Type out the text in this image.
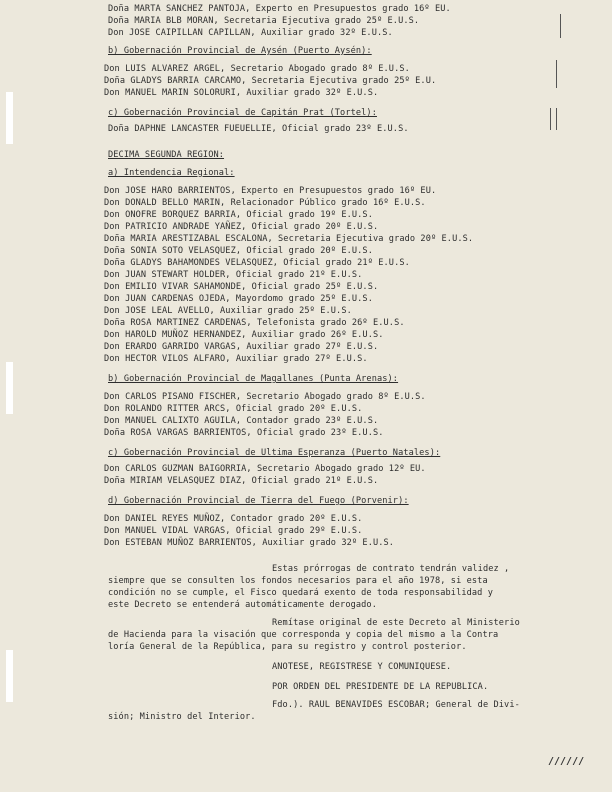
Doña MARTA SANCHEZ PANTOJA, Experto en Presupuestos grado 16º EU.
Doña MARIA BLB MORAN, Secretaria Ejecutiva grado 25º E.U.S.
Don JOSE CAIPILLAN CAPILLAN, Auxiliar grado 32º E.U.S.
b) Gobernación Provincial de Aysén (Puerto Aysén):
Don LUIS ALVAREZ ARGEL, Secretario Abogado grado 8º E.U.S.
Doña GLADYS BARRIA CARCAMO, Secretaria Ejecutiva grado 25º E.U.
Don MANUEL MARIN SOLORURI, Auxiliar grado 32º E.U.S.
c) Gobernación Provincial de Capitán Prat (Tortel):
Doña DAPHNE LANCASTER FUEUELLIE, Oficial grado 23º E.U.S.
DECIMA SEGUNDA REGION:
a) Intendencia Regional:
Don JOSE HARO BARRIENTOS, Experto en Presupuestos grado 16º EU.
Don DONALD BELLO MARIN, Relacionador Público grado 16º E.U.S.
Don ONOFRE BORQUEZ BARRIA, Oficial grado 19º E.U.S.
Don PATRICIO ANDRADE YAÑEZ, Oficial grado 20º E.U.S.
Doña MARIA ARESTIZABAL ESCALONA, Secretaria Ejecutiva grado 20º E.U.S.
Doña SONIA SOTO VELASQUEZ, Oficial grado 20º E.U.S.
Doña GLADYS BAHAMONDES VELASQUEZ, Oficial grado 21º E.U.S.
Don JUAN STEWART HOLDER, Oficial grado 21º E.U.S.
Don EMILIO VIVAR SAHAMONDE, Oficial grado 25º E.U.S.
Don JUAN CARDENAS OJEDA, Mayordomo grado 25º E.U.S.
Don JOSE LEAL AVELLO, Auxiliar grado 25º E.U.S.
Doña ROSA MARTINEZ CARDENAS, Telefonista grado 26º E.U.S.
Don HAROLD MUÑOZ HERNANDEZ, Auxiliar grado 26º E.U.S.
Don ERARDO GARRIDO VARGAS, Auxiliar grado 27º E.U.S.
Don HECTOR VILOS ALFARO, Auxiliar grado 27º E.U.S.
b) Gobernación Provincial de Magallanes (Punta Arenas):
Don CARLOS PISANO FISCHER, Secretario Abogado grado 8º E.U.S.
Don ROLANDO RITTER ARCS, Oficial grado 20º E.U.S.
Don MANUEL CALIXTO AGUILA, Contador grado 23º E.U.S.
Doña ROSA VARGAS BARRIENTOS, Oficial grado 23º E.U.S.
c) Gobernación Provincial de Ultima Esperanza (Puerto Natales):
Don CARLOS GUZMAN BAIGORRIA, Secretario Abogado grado 12º EU.
Doña MIRIAM VELASQUEZ DIAZ, Oficial grado 21º E.U.S.
d) Gobernación Provincial de Tierra del Fuego (Porvenir):
Don DANIEL REYES MUÑOZ, Contador grado 20º E.U.S.
Don MANUEL VIDAL VARGAS, Oficial grado 29º E.U.S.
Don ESTEBAN MUÑOZ BARRIENTOS, Auxiliar grado 32º E.U.S.
Estas prórrogas de contrato tendrán validez ,
siempre que se consulten los fondos necesarios para el año 1978, si esta
condición no se cumple, el Fisco quedará exento de toda responsabilidad y
este Decreto se entenderá automáticamente derogado.
Remítase original de este Decreto al Ministerio
de Hacienda para la visación que corresponda y copia del mismo a la Contra
loría General de la República, para su registro y control posterior.
ANOTESE, REGISTRESE Y COMUNIQUESE.
POR ORDEN DEL PRESIDENTE DE LA REPUBLICA.
Fdo.). RAUL BENAVIDES ESCOBAR; General de Divi-
sión; Ministro del Interior.
//////
